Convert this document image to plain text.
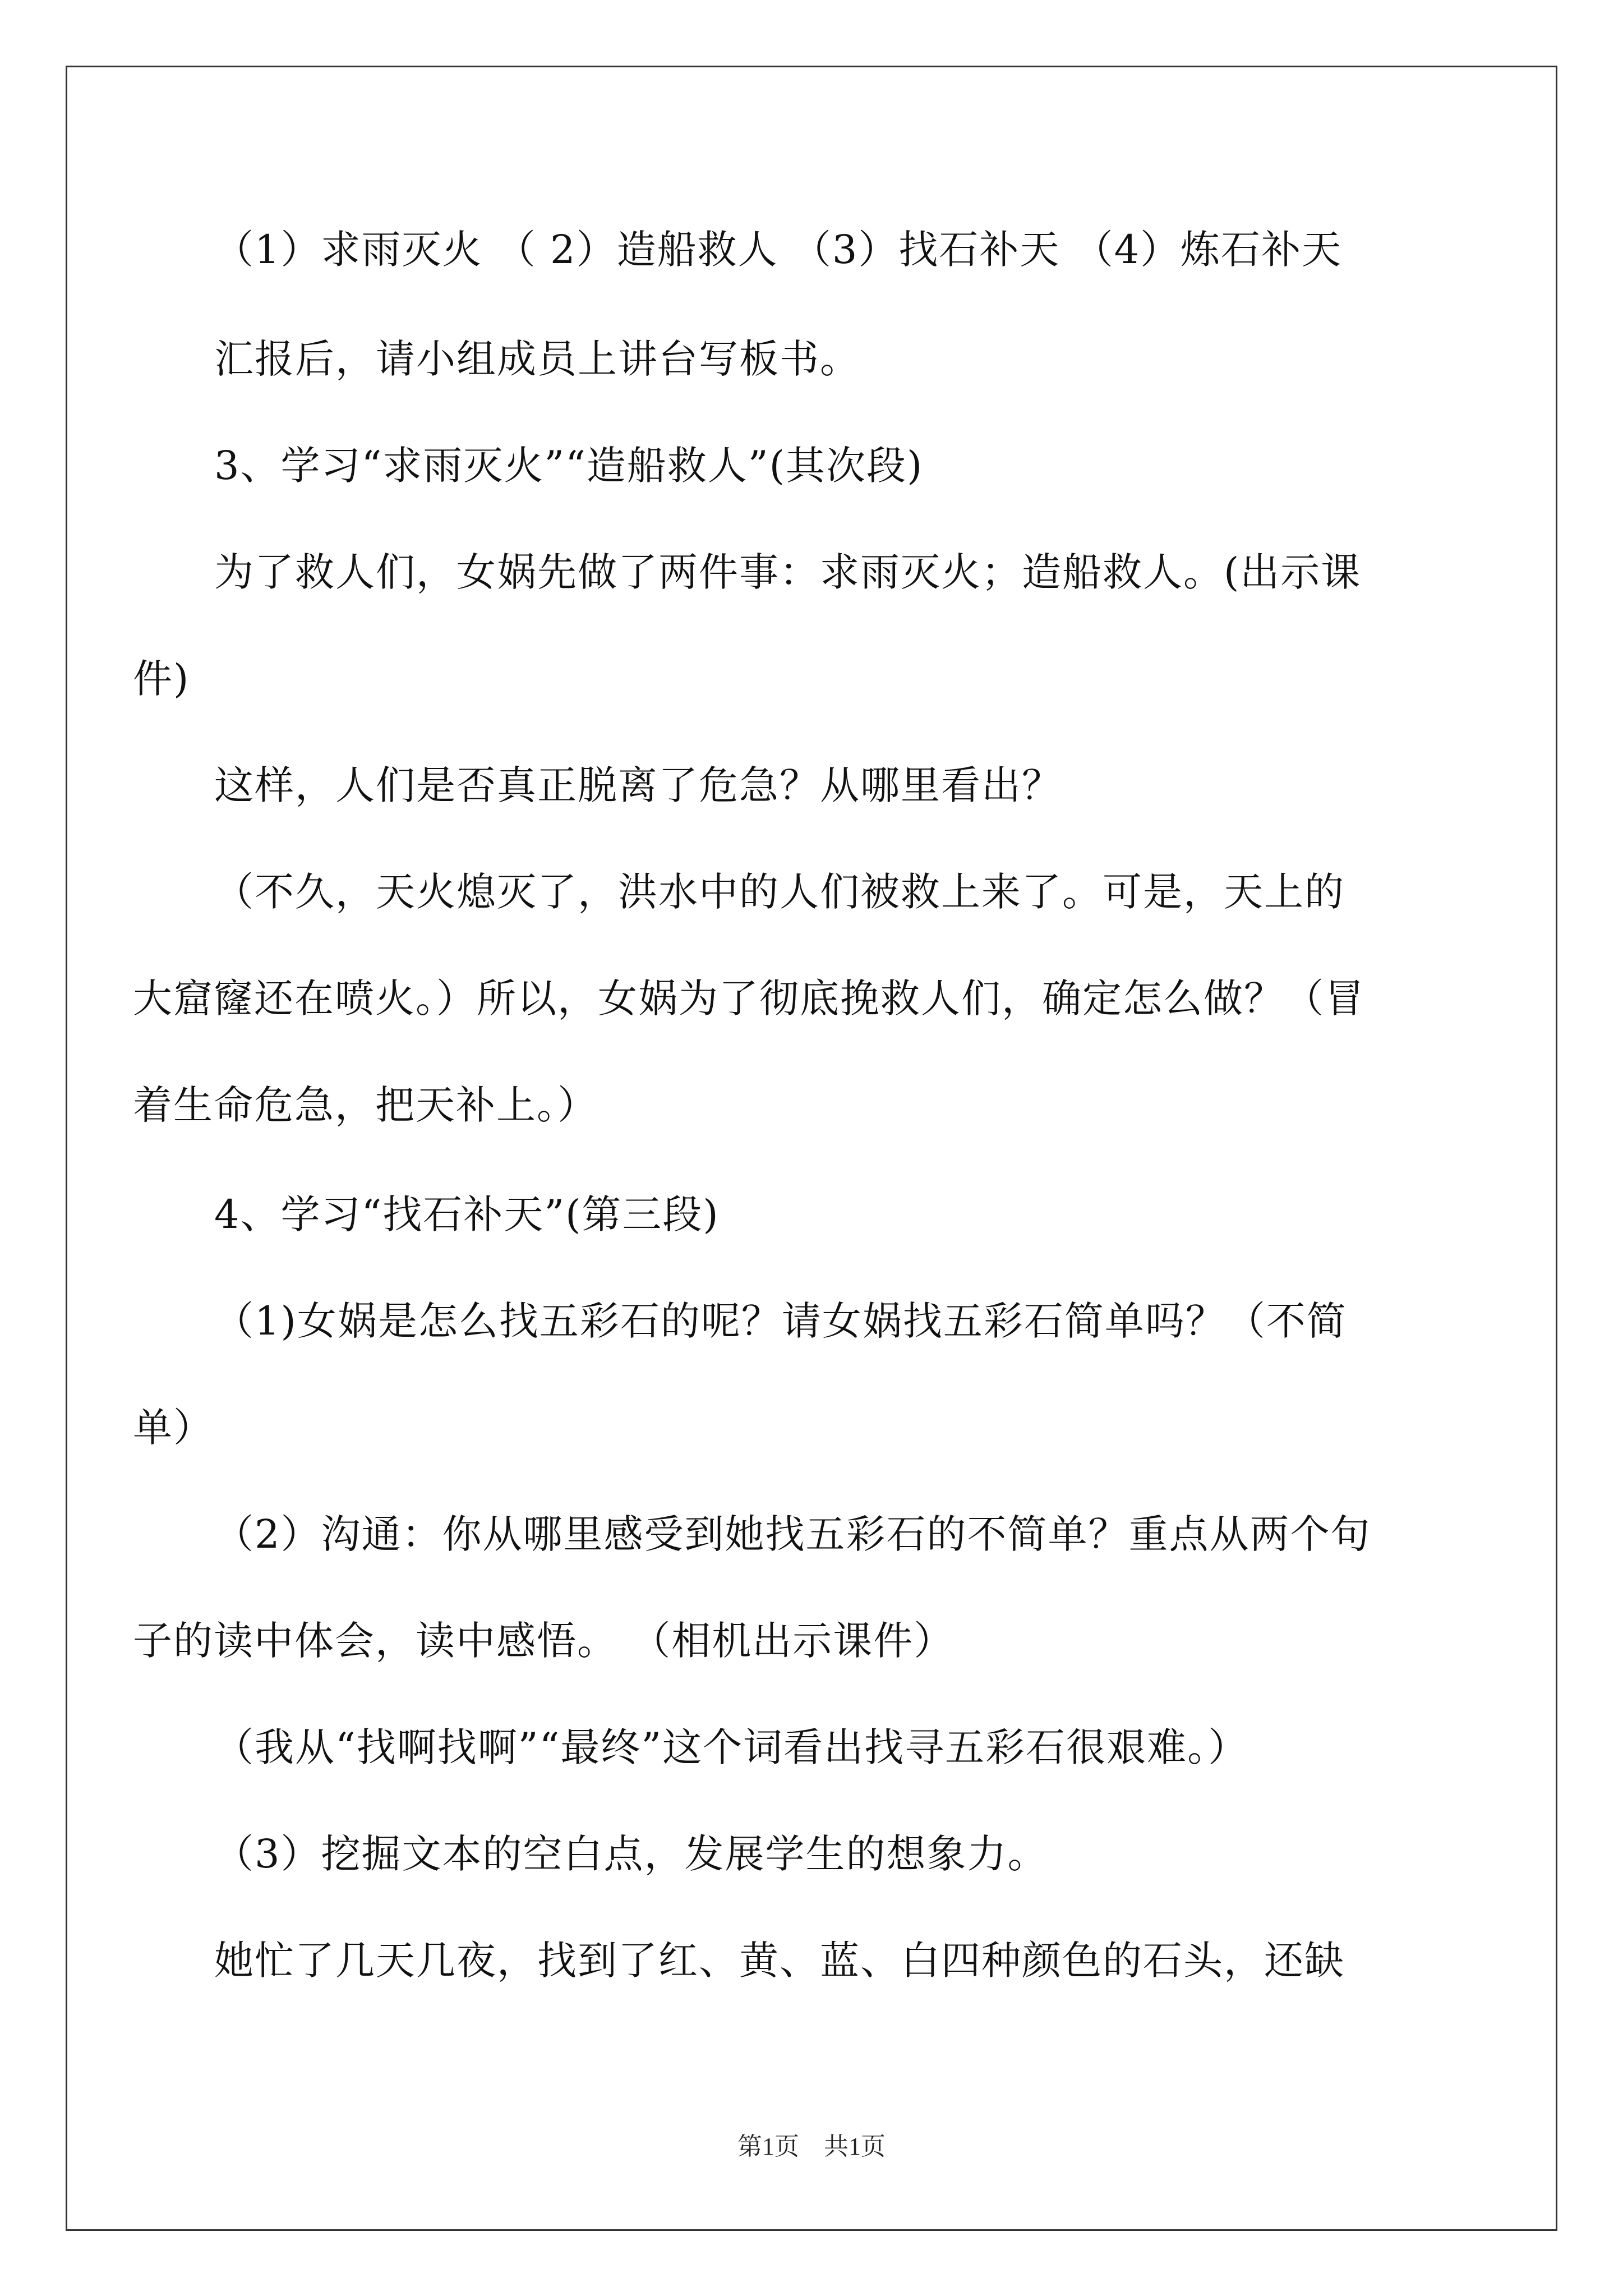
（1）求雨灭火 （ 2）造船救人 （3）找石补天 （4）炼石补天
汇报后，请小组成员上讲台写板书。
3、学习“求雨灭火”“造船救人”(其次段)
为了救人们，女娲先做了两件事：求雨灭火；造船救人。(出示课
件)
这样，人们是否真正脱离了危急？从哪里看出？
（不久，天火熄灭了，洪水中的人们被救上来了。可是，天上的
大窟窿还在喷火。）所以，女娲为了彻底挽救人们，确定怎么做？（冒
着生命危急，把天补上。）
4、学习“找石补天”(第三段)
（1)女娲是怎么找五彩石的呢？请女娲找五彩石简单吗？（不简
单）
（2）沟通：你从哪里感受到她找五彩石的不简单？重点从两个句
子的读中体会，读中感悟。 （相机出示课件）
（我从“找啊找啊”“最终”这个词看出找寻五彩石很艰难。）
（3）挖掘文本的空白点，发展学生的想象力。
她忙了几天几夜，找到了红、黄、蓝、白四种颜色的石头，还缺
第1页　共1页
